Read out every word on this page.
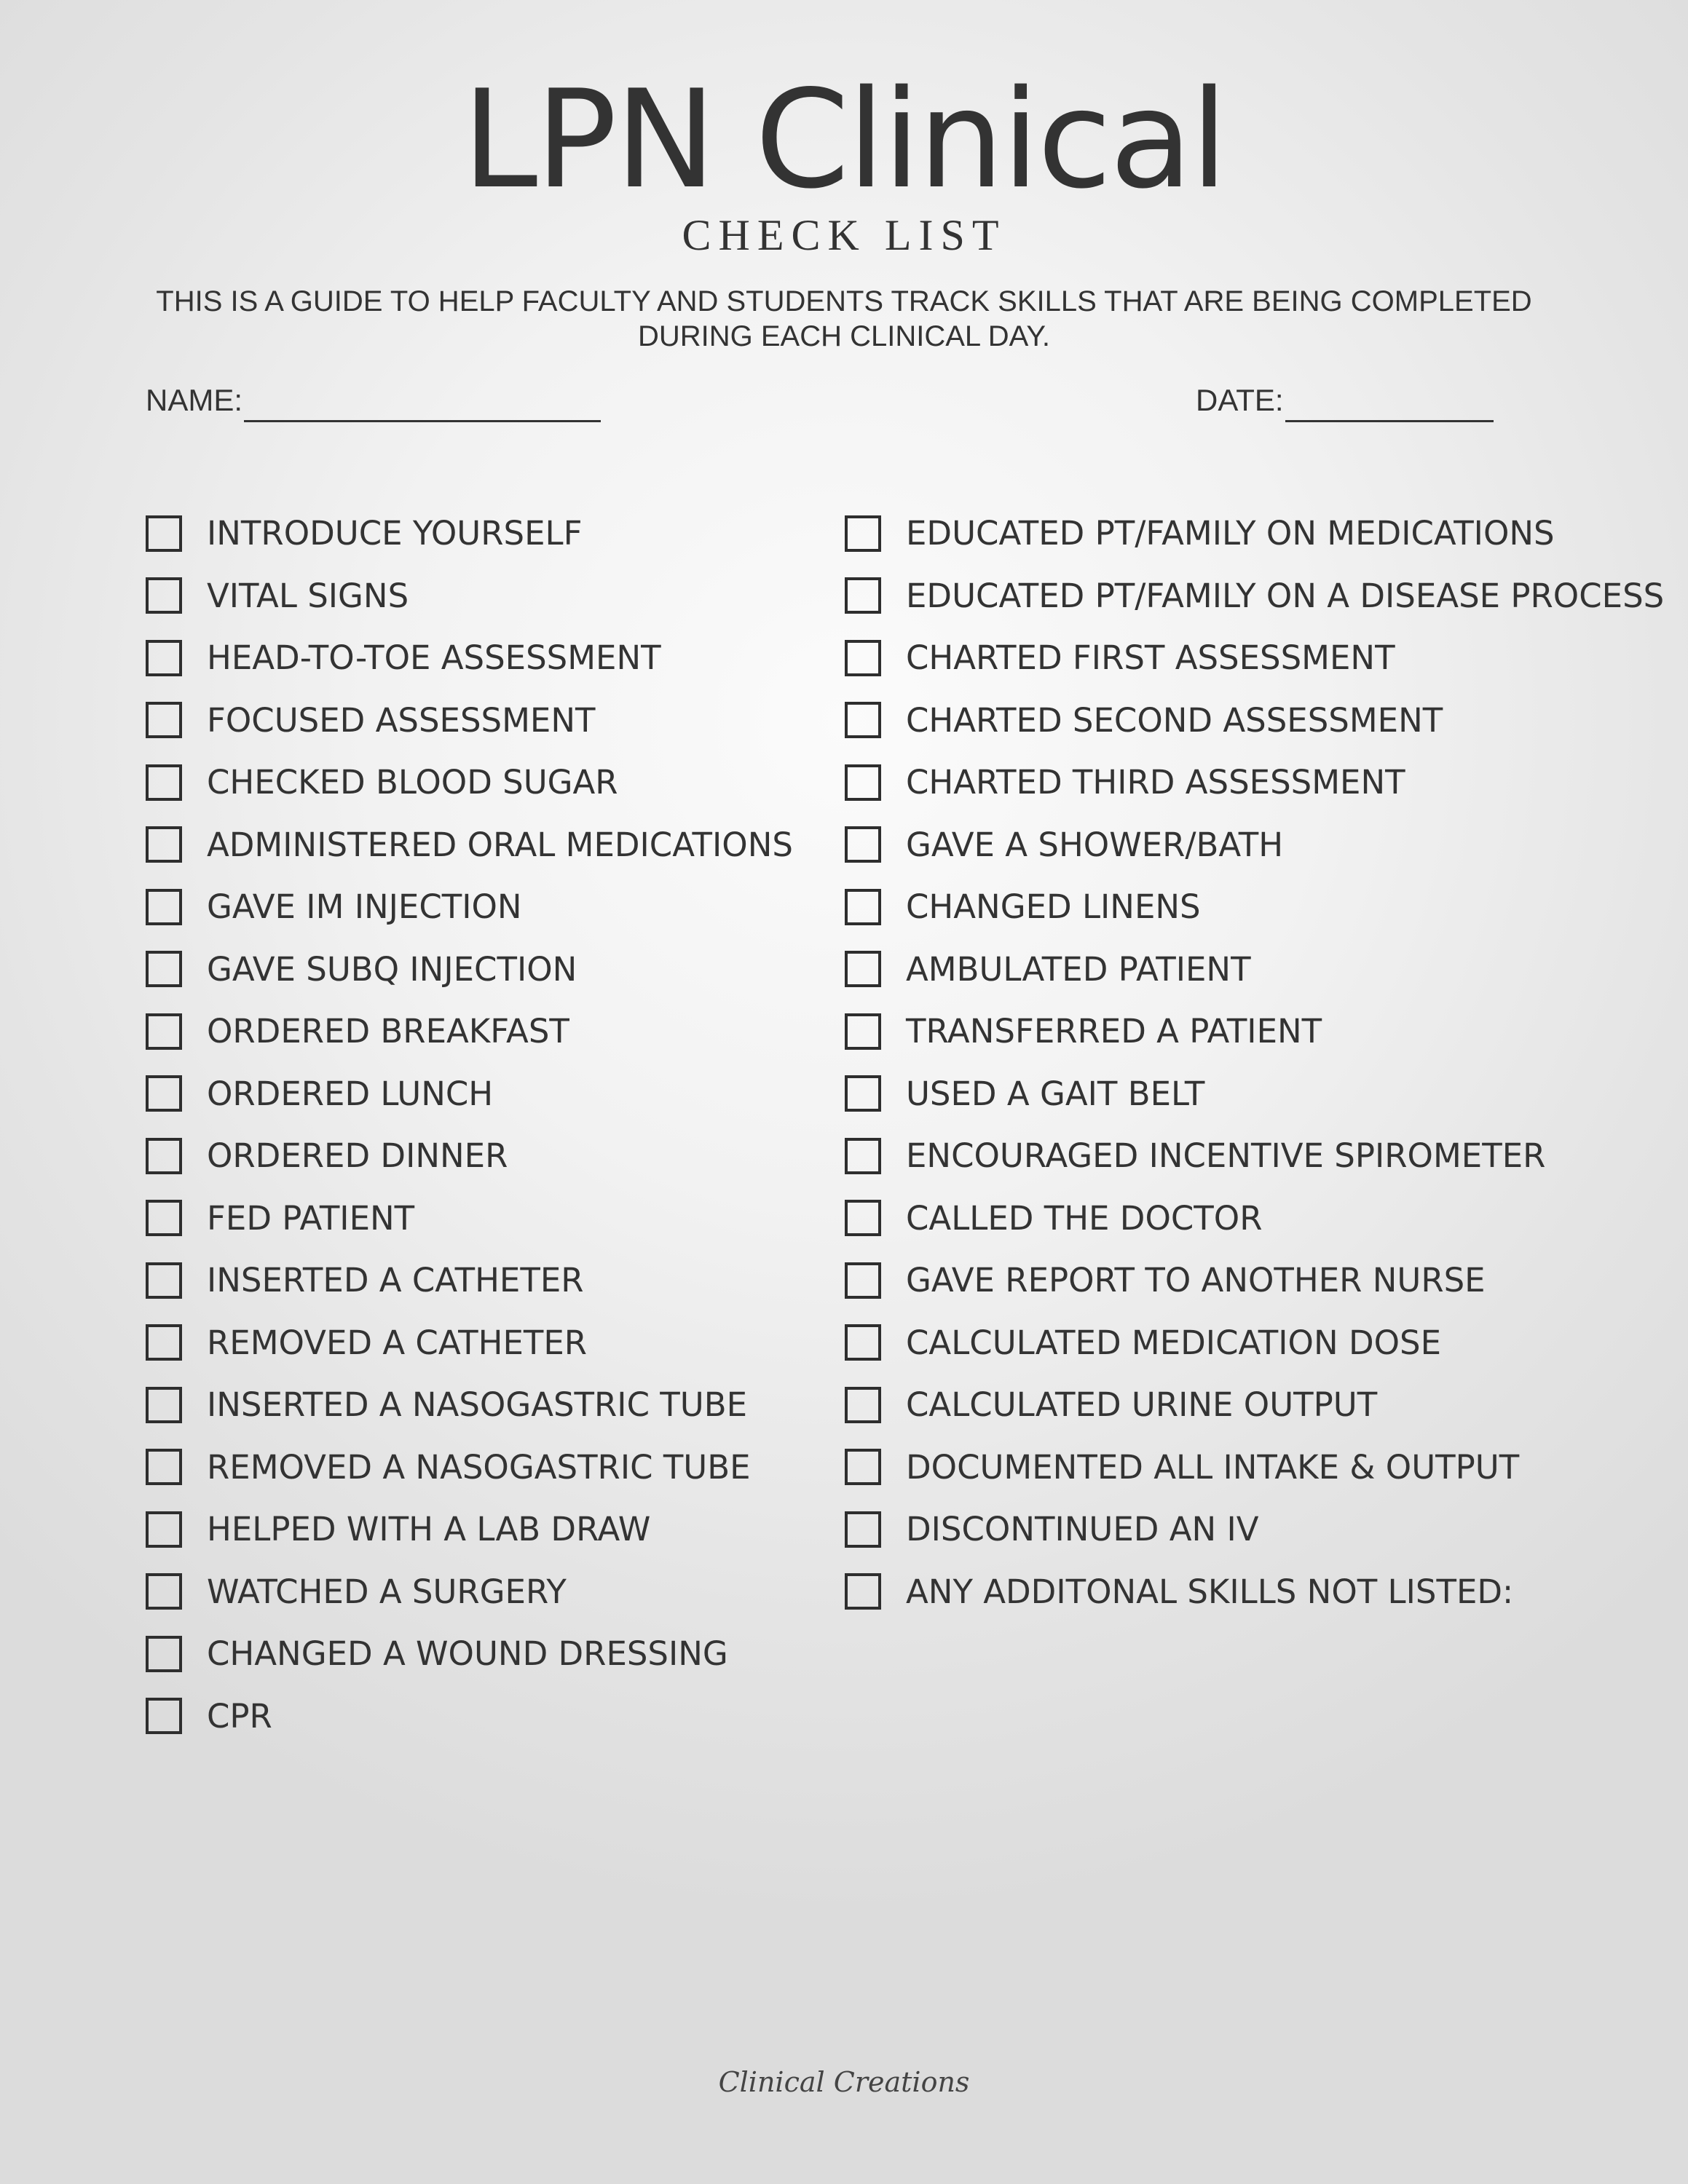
LPN Clinical
CHECK LIST
THIS IS A GUIDE TO HELP FACULTY AND STUDENTS TRACK SKILLS THAT ARE BEING COMPLETED
DURING EACH CLINICAL DAY.
NAME:	DATE:
INTRODUCE YOURSELF
VITAL SIGNS
HEAD-TO-TOE ASSESSMENT
FOCUSED ASSESSMENT
CHECKED BLOOD SUGAR
ADMINISTERED ORAL MEDICATIONS
GAVE IM INJECTION
GAVE SUBQ INJECTION
ORDERED BREAKFAST
ORDERED LUNCH
ORDERED DINNER
FED PATIENT
INSERTED A CATHETER
REMOVED A CATHETER
INSERTED A NASOGASTRIC TUBE
REMOVED A NASOGASTRIC TUBE
HELPED WITH A LAB DRAW
WATCHED A SURGERY
CHANGED A WOUND DRESSING
CPR
EDUCATED PT/FAMILY ON MEDICATIONS
EDUCATED PT/FAMILY ON A DISEASE PROCESS
CHARTED FIRST ASSESSMENT
CHARTED SECOND ASSESSMENT
CHARTED THIRD ASSESSMENT
GAVE A SHOWER/BATH
CHANGED LINENS
AMBULATED PATIENT
TRANSFERRED A PATIENT
USED A GAIT BELT
ENCOURAGED INCENTIVE SPIROMETER
CALLED THE DOCTOR
GAVE REPORT TO ANOTHER NURSE
CALCULATED MEDICATION DOSE
CALCULATED URINE OUTPUT
DOCUMENTED ALL INTAKE & OUTPUT
DISCONTINUED AN IV
ANY ADDITONAL SKILLS NOT LISTED:
Clinical Creations
